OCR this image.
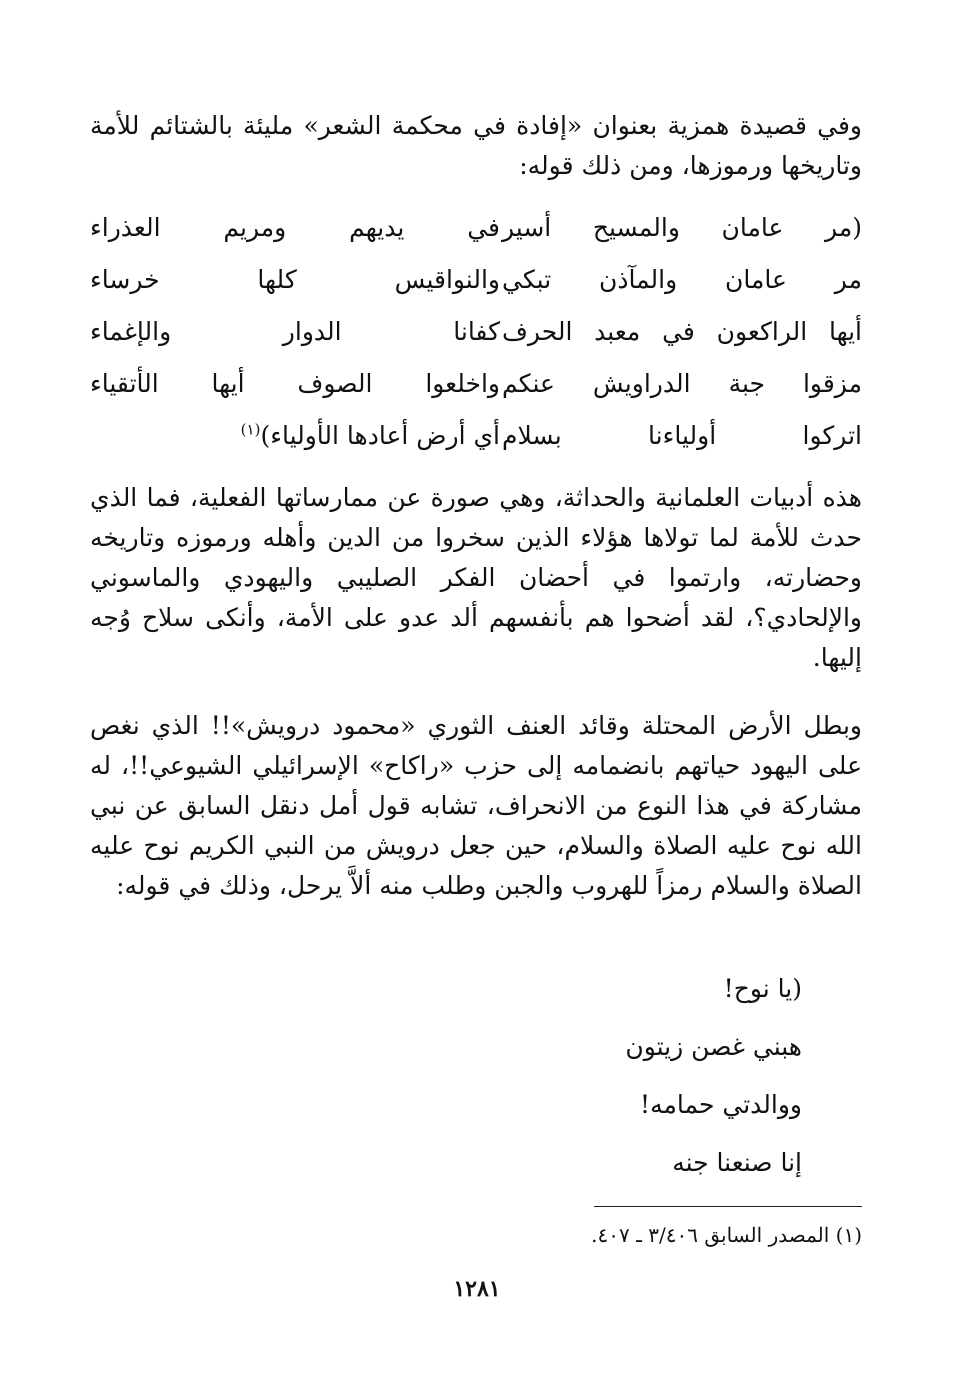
وفي قصيدة همزية بعنوان «إفادة في محكمة الشعر» مليئة بالشتائم للأمة وتاريخها ورموزها، ومن ذلك قوله:

(مر عامان والمسيح أسير
في يديهم ومريم العذراء
مر عامان والمآذن تبكي
والنواقيس كلها خرساء
أيها الراكعون في معبد الحرف
كفانا الدوار والإغماء
مزقوا جبة الدراويش عنكم
واخلعوا الصوف أيها الأتقياء
اتركوا أولياءنا بسلام
أي أرض أعادها الأولياء)$^{(١)}$

هذه أدبيات العلمانية والحداثة، وهي صورة عن ممارساتها الفعلية، فما الذي حدث للأمة لما تولاها هؤلاء الذين سخروا من الدين وأهله ورموزه وتاريخه وحضارته، وارتموا في أحضان الفكر الصليبي واليهودي والماسوني والإلحادي؟، لقد أضحوا هم بأنفسهم ألد عدو على الأمة، وأنكى سلاح وُجه إليها.

وبطل الأرض المحتلة وقائد العنف الثوري «محمود درويش»!! الذي نغص على اليهود حياتهم بانضمامه إلى حزب «راكاح» الإسرائيلي الشيوعي!!، له مشاركة في هذا النوع من الانحراف، تشابه قول أمل دنقل السابق عن نبي الله نوح عليه الصلاة والسلام، حين جعل درويش من النبي الكريم نوح عليه الصلاة والسلام رمزاً للهروب والجبن وطلب منه ألاَّ يرحل، وذلك في قوله:

(يا نوح!
هبني غصن زيتون
ووالدتي حمامه!
إنا صنعنا جنه
(١) المصدر السابق ٣/٤٠٦ ـ ٤٠٧.
١٢٨١
